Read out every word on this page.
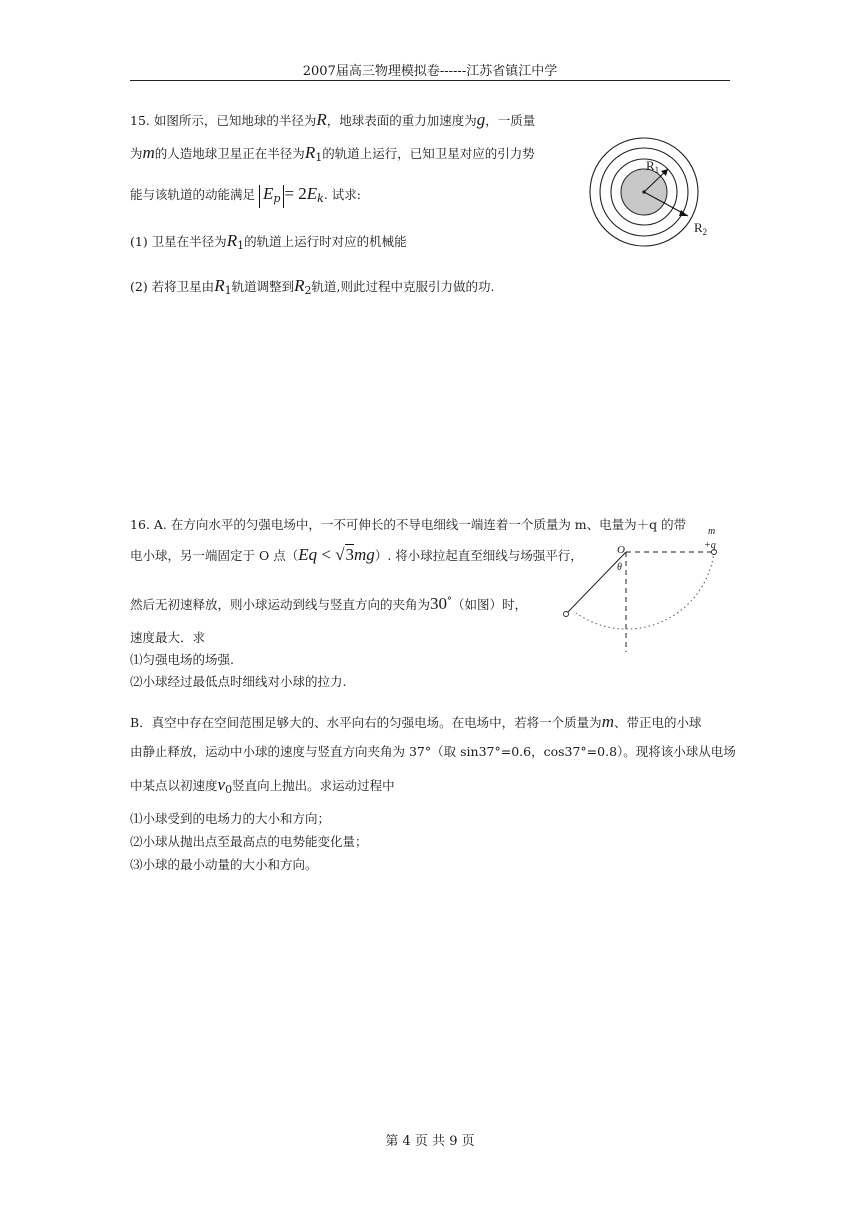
2007届高三物理模拟卷------江苏省镇江中学
15. 如图所示，已知地球的半径为R，地球表面的重力加速度为g，一质量
为m的人造地球卫星正在半径为R1的轨道上运行，已知卫星对应的引力势
能与该轨道的动能满足 Ep = 2Ek. 试求:
(1) 卫星在半径为R1的轨道上运行时对应的机械能
(2) 若将卫星由R1轨道调整到R2轨道,则此过程中克服引力做的功.
$R_1$
$R_2$
16. A. 在方向水平的匀强电场中，一不可伸长的不导电细线一端连着一个质量为 m、电量为＋q 的带
电小球，另一端固定于 O 点（Eq < √3mg）. 将小球拉起直至细线与场强平行，
然后无初速释放，则小球运动到线与竖直方向的夹角为30°（如图）时，
速度最大．求
⑴匀强电场的场强.
⑵小球经过最低点时细线对小球的拉力.
O
θ
m
+q
B．真空中存在空间范围足够大的、水平向右的匀强电场。在电场中，若将一个质量为m、带正电的小球
由静止释放，运动中小球的速度与竖直方向夹角为 37°（取 sin37°=0.6，cos37°=0.8）。现将该小球从电场
中某点以初速度v0竖直向上抛出。求运动过程中
⑴小球受到的电场力的大小和方向；
⑵小球从抛出点至最高点的电势能变化量；
⑶小球的最小动量的大小和方向。
第 4 页 共 9 页
